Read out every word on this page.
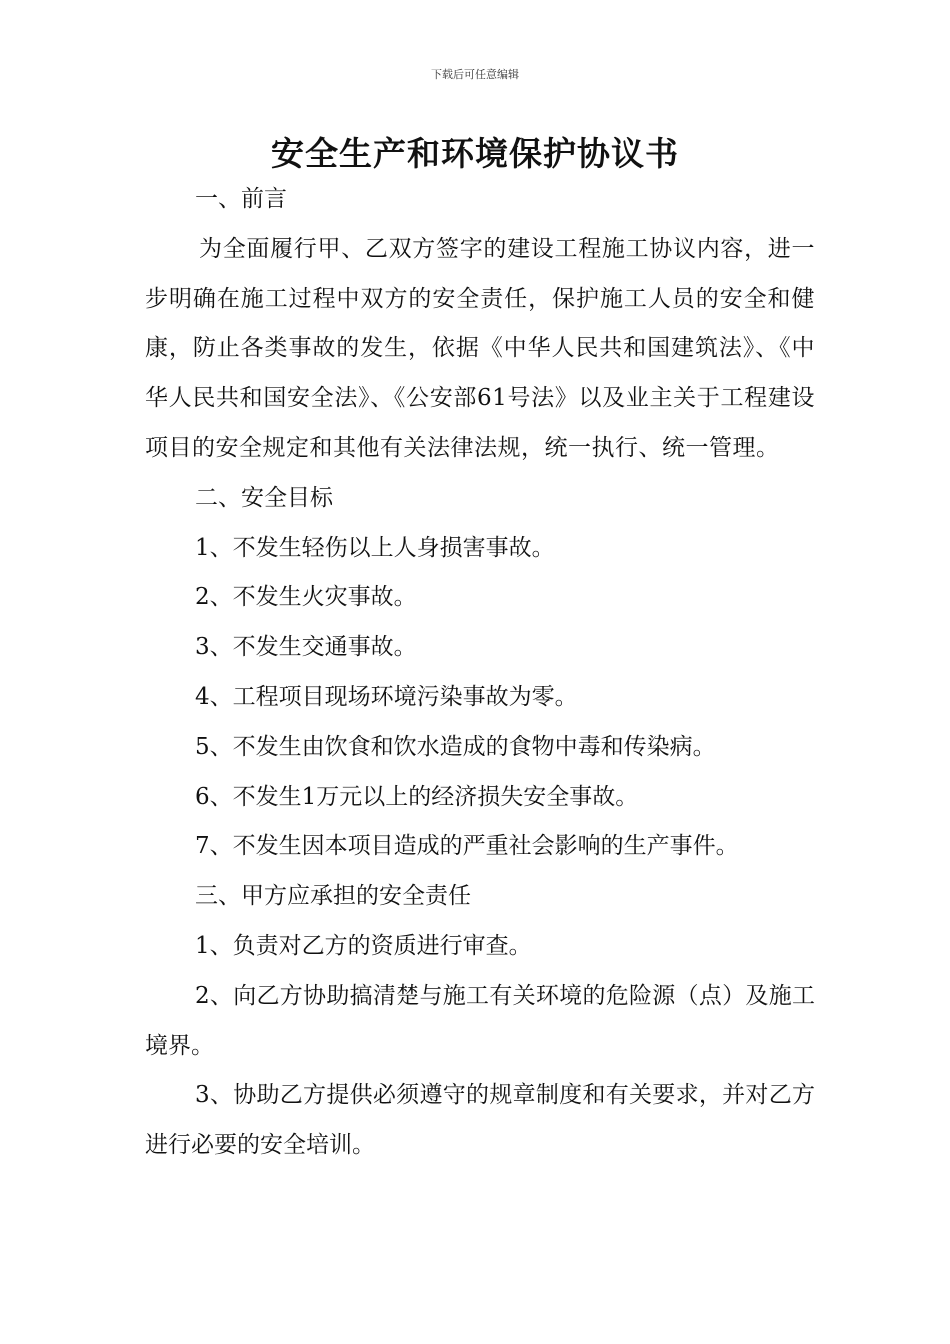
下载后可任意编辑
安全生产和环境保护协议书

一、前言

为全面履行甲、乙双方签字的建设工程施工协议内容，进一步明确在施工过程中双方的安全责任，保护施工人员的安全和健康，防止各类事故的发生，依据《中华人民共和国建筑法》、《中华人民共和国安全法》、《公安部61号法》以及业主关于工程建设项目的安全规定和其他有关法律法规，统一执行、统一管理。

二、安全目标

1、不发生轻伤以上人身损害事故。

2、不发生火灾事故。

3、不发生交通事故。

4、工程项目现场环境污染事故为零。

5、不发生由饮食和饮水造成的食物中毒和传染病。

6、不发生1万元以上的经济损失安全事故。

7、不发生因本项目造成的严重社会影响的生产事件。

三、甲方应承担的安全责任

1、负责对乙方的资质进行审查。

2、向乙方协助搞清楚与施工有关环境的危险源（点）及施工境界。

3、协助乙方提供必须遵守的规章制度和有关要求，并对乙方进行必要的安全培训。
